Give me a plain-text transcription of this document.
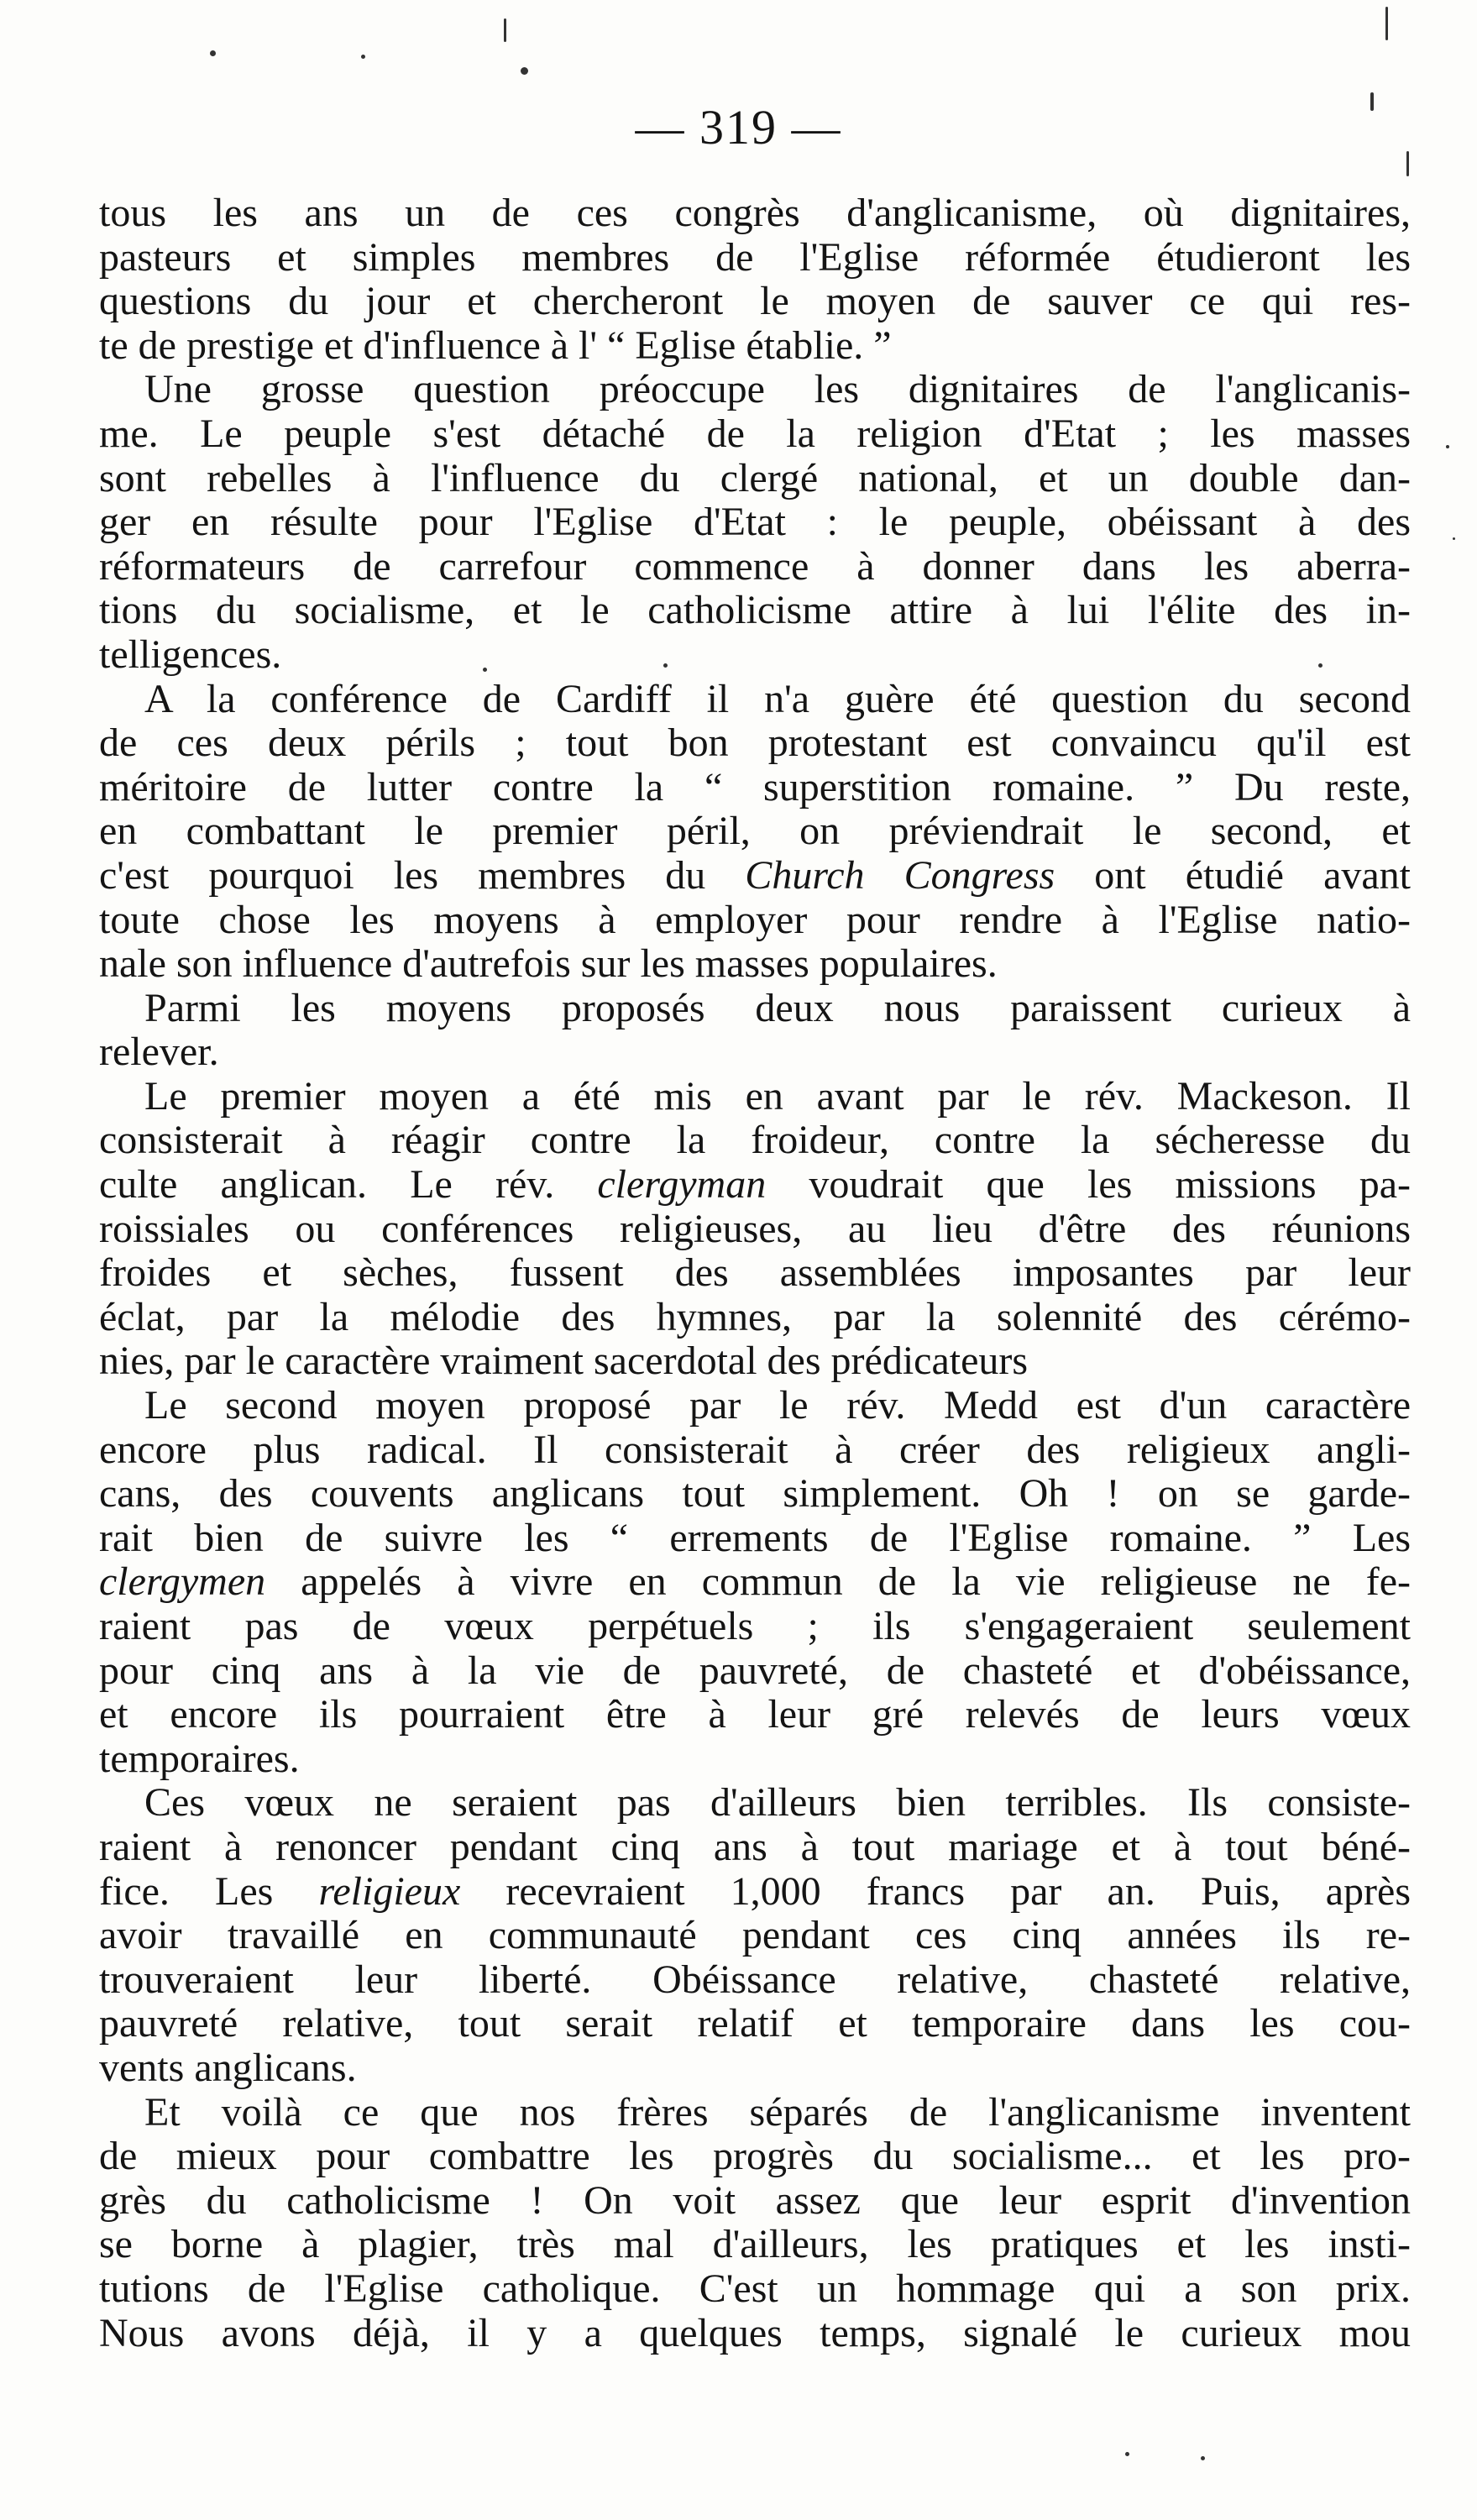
— 319 —
tous les ans un de ces congrès d'anglicanisme, où dignitaires,
pasteurs et simples membres de l'Eglise réformée étudieront les
questions du jour et chercheront le moyen de sauver ce qui res-
te de prestige et d'influence à l' “ Eglise établie. ”
Une grosse question préoccupe les dignitaires de l'anglicanis-
me. Le peuple s'est détaché de la religion d'Etat ; les masses
sont rebelles à l'influence du clergé national, et un double dan-
ger en résulte pour l'Eglise d'Etat : le peuple, obéissant à des
réformateurs de carrefour commence à donner dans les aberra-
tions du socialisme, et le catholicisme attire à lui l'élite des in-
telligences.
A la conférence de Cardiff il n'a guère été question du second
de ces deux périls ; tout bon protestant est convaincu qu'il est
méritoire de lutter contre la “ superstition romaine. ” Du reste,
en combattant le premier péril, on préviendrait le second, et
c'est pourquoi les membres du Church Congress ont étudié avant
toute chose les moyens à employer pour rendre à l'Eglise natio-
nale son influence d'autrefois sur les masses populaires.
Parmi les moyens proposés deux nous paraissent curieux à
relever.
Le premier moyen a été mis en avant par le rév. Mackeson. Il
consisterait à réagir contre la froideur, contre la sécheresse du
culte anglican. Le rév. clergyman voudrait que les missions pa-
roissiales ou conférences religieuses, au lieu d'être des réunions
froides et sèches, fussent des assemblées imposantes par leur
éclat, par la mélodie des hymnes, par la solennité des cérémo-
nies, par le caractère vraiment sacerdotal des prédicateurs
Le second moyen proposé par le rév. Medd est d'un caractère
encore plus radical. Il consisterait à créer des religieux angli-
cans, des couvents anglicans tout simplement. Oh ! on se garde-
rait bien de suivre les “ errements de l'Eglise romaine. ” Les
clergymen appelés à vivre en commun de la vie religieuse ne fe-
raient pas de vœux perpétuels ; ils s'engageraient seulement
pour cinq ans à la vie de pauvreté, de chasteté et d'obéissance,
et encore ils pourraient être à leur gré relevés de leurs vœux
temporaires.
Ces vœux ne seraient pas d'ailleurs bien terribles. Ils consiste-
raient à renoncer pendant cinq ans à tout mariage et à tout béné-
fice. Les religieux recevraient 1,000 francs par an. Puis, après
avoir travaillé en communauté pendant ces cinq années ils re-
trouveraient leur liberté. Obéissance relative, chasteté relative,
pauvreté relative, tout serait relatif et temporaire dans les cou-
vents anglicans.
Et voilà ce que nos frères séparés de l'anglicanisme inventent
de mieux pour combattre les progrès du socialisme... et les pro-
grès du catholicisme ! On voit assez que leur esprit d'invention
se borne à plagier, très mal d'ailleurs, les pratiques et les insti-
tutions de l'Eglise catholique. C'est un hommage qui a son prix.
Nous avons déjà, il y a quelques temps, signalé le curieux mou
